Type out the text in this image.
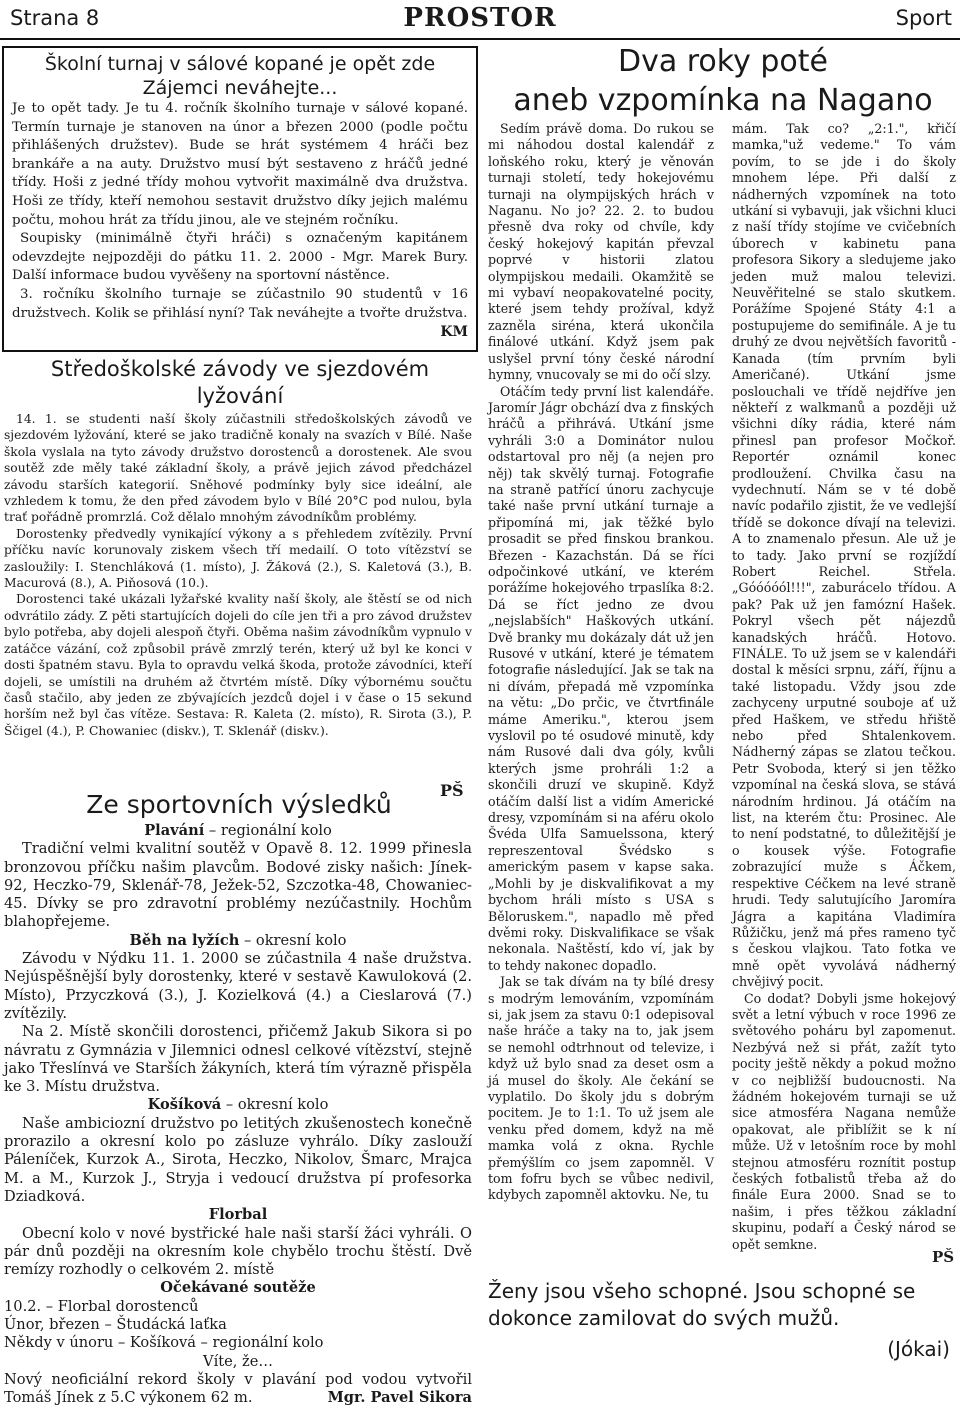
Strana 8	PROSTOR	Sport
Školní turnaj v sálové kopané je opět zde
Zájemci neváhejte...

Je to opět tady. Je tu 4. ročník školního turnaje v sálové kopané. Termín turnaje je stanoven na únor a březen 2000 (podle počtu přihlášených družstev). Bude se hrát systémem 4 hráči bez brankáře a na auty. Družstvo musí být sestaveno z hráčů jedné třídy. Hoši z jedné třídy mohou vytvořit maximálně dva družstva. Hoši ze třídy, kteří nemohou sestavit družstvo díky jejich malému počtu, mohou hrát za třídu jinou, ale ve stejném ročníku.

Soupisky (minimálně čtyři hráči) s označeným kapitánem odevzdejte nejpozději do pátku 11. 2. 2000 - Mgr. Marek Bury. Další informace budou vyvěšeny na sportovní nástěnce.

3. ročníku školního turnaje se zúčastnilo 90 studentů v 16 družstvech. Kolik se přihlásí nyní? Tak neváhejte a tvořte družstva.

KM
Středoškolské závody ve sjezdovém lyžování

14. 1. se studenti naší školy zúčastnili středoškolských závodů ve sjezdovém lyžování, které se jako tradičně konaly na svazích v Bílé. Naše škola vyslala na tyto závody družstvo dorostenců a dorostenek. Ale svou soutěž zde měly také základní školy, a právě jejich závod předcházel závodu starších kategorií. Sněhové podmínky byly sice ideální, ale vzhledem k tomu, že den před závodem bylo v Bílé 20°C pod nulou, byla trať pořádně promrzlá. Což dělalo mnohým závodníkům problémy.

Dorostenky předvedly vynikající výkony a s přehledem zvítězily. První příčku navíc korunovaly ziskem všech tří medailí. O toto vítězství se zasloužily: I. Stenchláková (1. místo), J. Žáková (2.), S. Kaletová (3.), B. Macurová (8.), A. Piňosová (10.).

Dorostenci také ukázali lyžařské kvality naší školy, ale štěstí se od nich odvrátilo zády. Z pěti startujících dojeli do cíle jen tři a pro závod družstev bylo potřeba, aby dojeli alespoň čtyři. Oběma našim závodníkům vypnulo v zatáčce vázání, což způsobil právě zmrzlý terén, který už byl ke konci v dosti špatném stavu. Byla to opravdu velká škoda, protože závodníci, kteří dojeli, se umístili na druhém až čtvrtém místě. Díky výbornému součtu časů stačilo, aby jeden ze zbývajících jezdců dojel i v čase o 15 sekund horším než byl čas vítěze. Sestava: R. Kaleta (2. místo), R. Sirota (3.), P. Ščigel (4.), P. Chowaniec (diskv.), T. Sklenář (diskv.).

PŠ
Ze sportovních výsledků
Plavání – regionální kolo

Tradiční velmi kvalitní soutěž v Opavě 8. 12. 1999 přinesla bronzovou příčku našim plavcům. Bodové zisky našich: Jínek-92, Heczko-79, Sklenář-78, Ježek-52, Szczotka-48, Chowaniec-45. Dívky se pro zdravotní problémy nezúčastnily. Hochům blahopřejeme.

Běh na lyžích – okresní kolo

Závodu v Nýdku 11. 1. 2000 se zúčastnila 4 naše družstva. Nejúspěšnější byly dorostenky, které v sestavě Kawuloková (2. Místo), Przyczková (3.), J. Kozielková (4.) a Cieslarová (7.) zvítězily.

Na 2. Místě skončili dorostenci, přičemž Jakub Sikora si po návratu z Gymnázia v Jilemnici odnesl celkové vítězství, stejně jako Třeslínvá ve Starších žákyních, která tím výrazně přispěla ke 3. Místu družstva.

Košíková – okresní kolo

Naše ambiciozní družstvo po letitých zkušenostech konečně prorazilo a okresní kolo po zásluze vyhrálo. Díky zaslouží Páleníček, Kurzok A., Sirota, Heczko, Nikolov, Šmarc, Mrajca M. a M., Kurzok J., Stryja i vedoucí družstva pí profesorka Dziadková.

Florbal

Obecní kolo v nové bystřické hale naši starší žáci vyhráli. O pár dnů později na okresním kole chybělo trochu štěstí. Dvě remízy rozhodly o celkovém 2. místě

Očekávané soutěže

10.2. – Florbal dorostenců

Únor, březen – Študácká laťka

Někdy v únoru – Košíková – regionální kolo

Víte, že…

Nový neoficiální rekord školy v plavání pod vodou vytvořil Tomáš Jínek z 5.C výkonem 62 m.	Mgr. Pavel Sikora

Dva roky poté
aneb vzpomínka na Nagano

Sedím právě doma. Do rukou se mi náhodou dostal kalendář z loňského roku, který je věnován turnaji století, tedy hokejovému turnaji na olympijských hrách v Naganu. No jo? 22. 2. to budou přesně dva roky od chvíle, kdy český hokejový kapitán převzal poprvé v historii zlatou olympijskou medaili. Okamžitě se mi vybaví neopakovatelné pocity, které jsem tehdy prožíval, když zazněla siréna, která ukončila finálové utkání. Když jsem pak uslyšel první tóny české národní hymny, vnucovaly se mi do očí slzy.

Otáčím tedy první list kalendáře. Jaromír Jágr obchází dva z finských hráčů a přihrává. Utkání jsme vyhráli 3:0 a Dominátor nulou odstartoval pro něj (a nejen pro něj) tak skvělý turnaj. Fotografie na straně patřící únoru zachycuje také naše první utkání turnaje a připomíná mi, jak těžké bylo prosadit se před finskou brankou. Březen - Kazachstán. Dá se říci odpočinkové utkání, ve kterém porážíme hokejového trpaslíka 8:2. Dá se říct jedno ze dvou „nejslabších" Haškových utkání. Dvě branky mu dokázaly dát už jen Rusové v utkání, které je tématem fotografie následující. Jak se tak na ni dívám, přepadá mě vzpomínka na větu: „Do prčic, ve čtvrtfinále máme Ameriku.", kterou jsem vyslovil po té osudové minutě, kdy nám Rusové dali dva góly, kvůli kterých jsme prohráli 1:2 a skončili druzí ve skupině. Když otáčím další list a vidím Americké dresy, vzpomínám si na aféru okolo Švéda Ulfa Samuelssona, který represzentoval Švédsko s americkým pasem v kapse saka. „Mohli by je diskvalifikovat a my bychom hráli místo s USA s Běloruskem.", napadlo mě před dvěmi roky. Diskvalifikace se však nekonala. Naštěstí, kdo ví, jak by to tehdy nakonec dopadlo.

Jak se tak dívám na ty bílé dresy s modrým lemováním, vzpomínám si, jak jsem za stavu 0:1 odepisoval naše hráče a taky na to, jak jsem se nemohl odtrhnout od televize, i když už bylo snad za deset osm a já musel do školy. Ale čekání se vyplatilo. Do školy jdu s dobrým pocitem. Je to 1:1. To už jsem ale venku před domem, když na mě mamka volá z okna. Rychle přemýšlím co jsem zapomněl. V tom fofru bych se vůbec nedivil, kdybych zapomněl aktovku. Ne, tu

mám. Tak co? „2:1.", křičí mamka,"už vedeme." To vám povím, to se jde i do školy mnohem lépe. Při další z nádherných vzpomínek na toto utkání si vybavuji, jak všichni kluci z naší třídy stojíme ve cvičebních úborech v kabinetu pana profesora Sikory a sledujeme jako jeden muž malou televizi. Neuvěřitelné se stalo skutkem. Porážíme Spojené Státy 4:1 a postupujeme do semifinále. A je tu druhý ze dvou největších favoritů - Kanada (tím prvním byli Američané). Utkání jsme poslouchali ve třídě nejdříve jen někteří z walkmanů a později už všichni díky rádia, které nám přinesl pan profesor Močkoř. Reportér oznámil konec prodloužení. Chvilka času na vydechnutí. Nám se v té době navíc podařilo zjistit, že ve vedlejší třídě se dokonce dívají na televizi. A to znamenalo přesun. Ale už je to tady. Jako první se rozjíždí Robert Reichel. Střela. „Góóóóól!!!", zaburácelo třídou. A pak? Pak už jen famózní Hašek. Pokryl všech pět nájezdů kanadských hráčů. Hotovo. FINÁLE. To už jsem se v kalendáři dostal k měsíci srpnu, září, říjnu a také listopadu. Vždy jsou zde zachyceny urputné souboje ať už před Haškem, ve středu hřiště nebo před Shtalenkovem. Nádherný zápas se zlatou tečkou. Petr Svoboda, který si jen těžko vzpomínal na česká slova, se stává národním hrdinou. Já otáčím na list, na kterém čtu: Prosinec. Ale to není podstatné, to důležitější je o kousek výše. Fotografie zobrazující muže s Áčkem, respektive Céčkem na levé straně hrudi. Tedy salutujícího Jaromíra Jágra a kapitána Vladimíra Růžičku, jenž má přes rameno tyč s českou vlajkou. Tato fotka ve mně opět vyvolává nádherný chvějivý pocit.

Co dodat? Dobyli jsme hokejový svět a letní výbuch v roce 1996 ze světového poháru byl zapomenut. Nezbývá než si přát, zažít tyto pocity ještě někdy a pokud možno v co nejbližší budoucnosti. Na žádném hokejovém turnaji se už sice atmosféra Nagana nemůže opakovat, ale přiblížit se k ní může. Už v letošním roce by mohl stejnou atmosféru roznítit postup českých fotbalistů třeba až do finále Eura 2000. Snad se to našim, i přes těžkou základní skupinu, podaří a Český národ se opět semkne.

PŠ
Ženy jsou všeho schopné. Jsou schopné se dokonce zamilovat do svých mužů.
(Jókai)
